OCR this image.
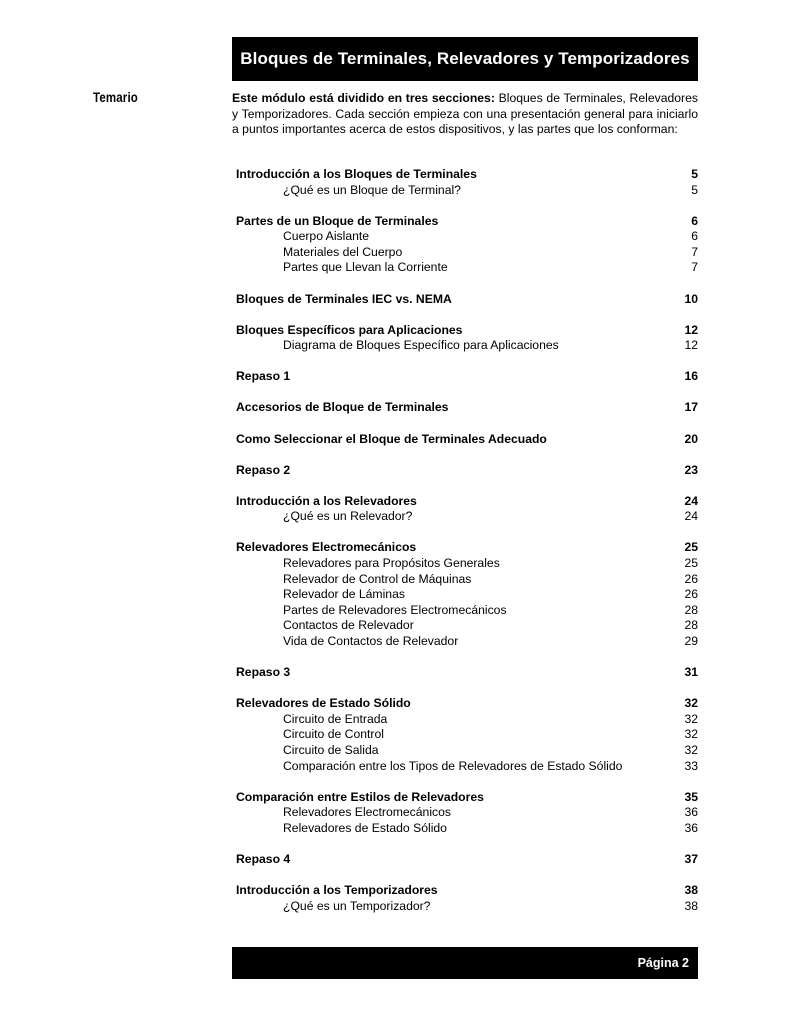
Bloques de Terminales, Relevadores y Temporizadores
Temario	Este módulo está dividido en tres secciones: Bloques de Terminales, Relevadores y Temporizadores. Cada sección empieza con una presentación general para iniciarlo a puntos importantes acerca de estos dispositivos, y las partes que los conforman:
Introducción a los Bloques de Terminales	5
¿Qué es un Bloque de Terminal?	5
Partes de un Bloque de Terminales	6
Cuerpo Aislante	6
Materiales del Cuerpo	7
Partes que Llevan la Corriente	7
Bloques de Terminales IEC vs. NEMA	10
Bloques Específicos para Aplicaciones	12
Diagrama de Bloques Específico para Aplicaciones	12
Repaso 1	16
Accesorios de Bloque de Terminales	17
Como Seleccionar el Bloque de Terminales Adecuado	20
Repaso 2	23
Introducción a los Relevadores	24
¿Qué es un Relevador?	24
Relevadores Electromecánicos	25
Relevadores para Propósitos Generales	25
Relevador de Control de Máquinas	26
Relevador de Láminas	26
Partes de Relevadores Electromecánicos	28
Contactos de Relevador	28
Vida de Contactos de Relevador	29
Repaso 3	31
Relevadores de Estado Sólido	32
Circuito de Entrada	32
Circuito de Control	32
Circuito de Salida	32
Comparación entre los Tipos de Relevadores de Estado Sólido	33
Comparación entre Estilos de Relevadores	35
Relevadores Electromecánicos	36
Relevadores de Estado Sólido	36
Repaso 4	37
Introducción a los Temporizadores	38
¿Qué es un Temporizador?	38
Página 2
